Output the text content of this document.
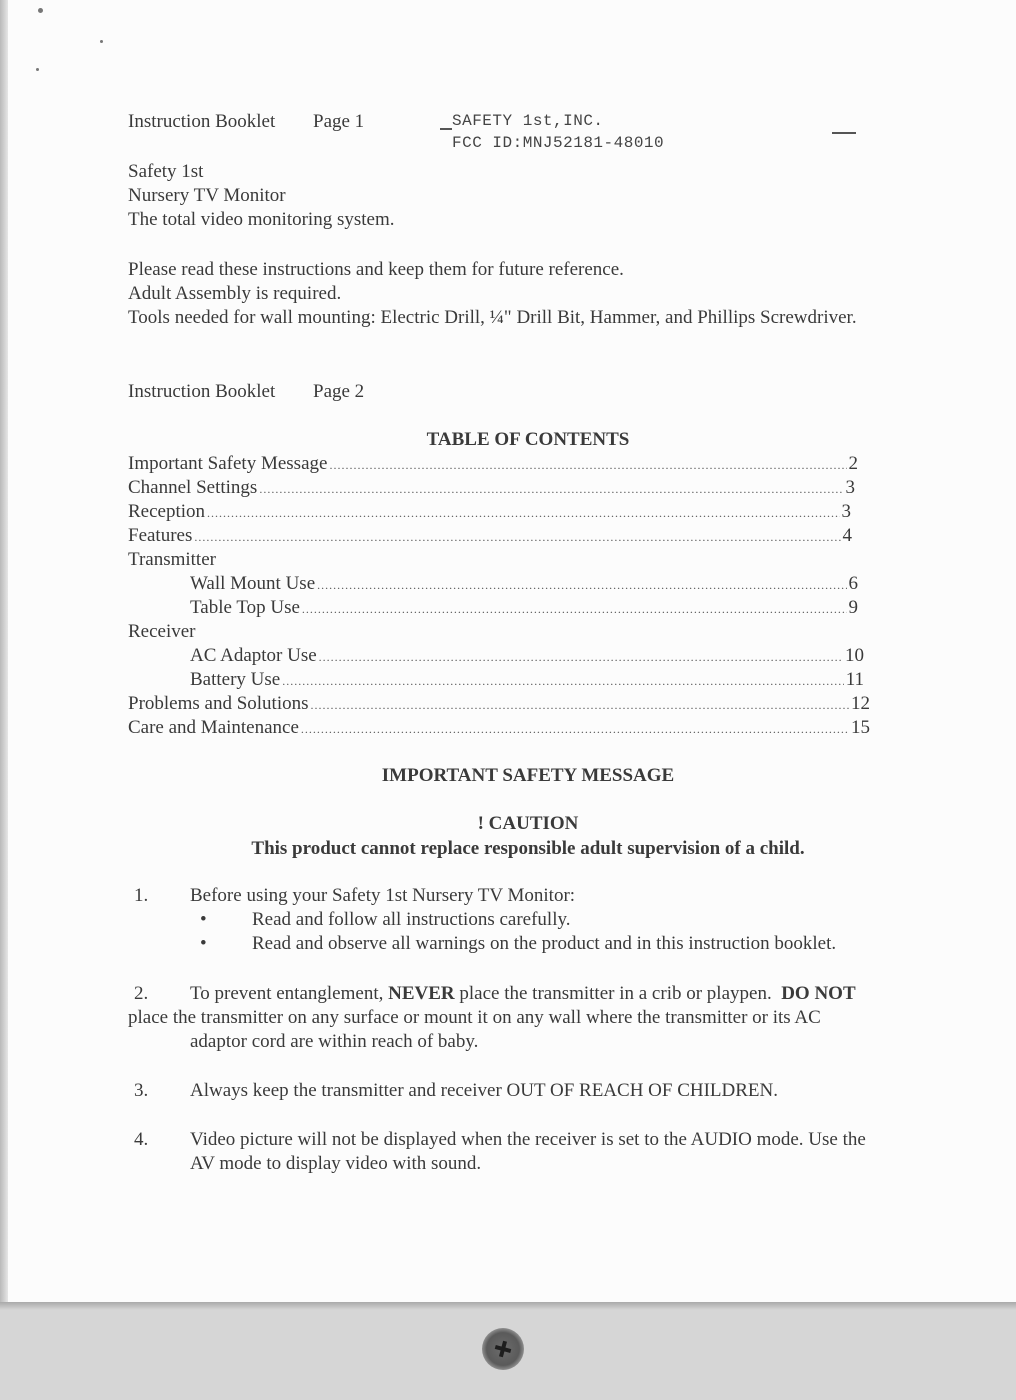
Instruction Booklet Page 1	SAFETY 1st,INC.
FCC ID:MNJ52181-48010
Safety 1st
Nursery TV Monitor
The total video monitoring system.
Please read these instructions and keep them for future reference.
Adult Assembly is required.
Tools needed for wall mounting: Electric Drill, ¼" Drill Bit, Hammer, and Phillips Screwdriver.
Instruction Booklet Page 2
TABLE OF CONTENTS
Important Safety Message .....	2
Channel Settings .....	3
Reception .....	3
Features .....	4
Transmitter
Wall Mount Use .....	6
Table Top Use .....	9
Receiver
AC Adaptor Use .....	10
Battery Use .....	11
Problems and Solutions .....	12
Care and Maintenance .....	15
IMPORTANT SAFETY MESSAGE
! CAUTION
This product cannot replace responsible adult supervision of a child.
1. Before using your Safety 1st Nursery TV Monitor:
• Read and follow all instructions carefully.
• Read and observe all warnings on the product and in this instruction booklet.
2. To prevent entanglement, NEVER place the transmitter in a crib or playpen.  DO NOT
place the transmitter on any surface or mount it on any wall where the transmitter or its AC
adaptor cord are within reach of baby.
3. Always keep the transmitter and receiver OUT OF REACH OF CHILDREN.
4. Video picture will not be displayed when the receiver is set to the AUDIO mode. Use the
AV mode to display video with sound.
